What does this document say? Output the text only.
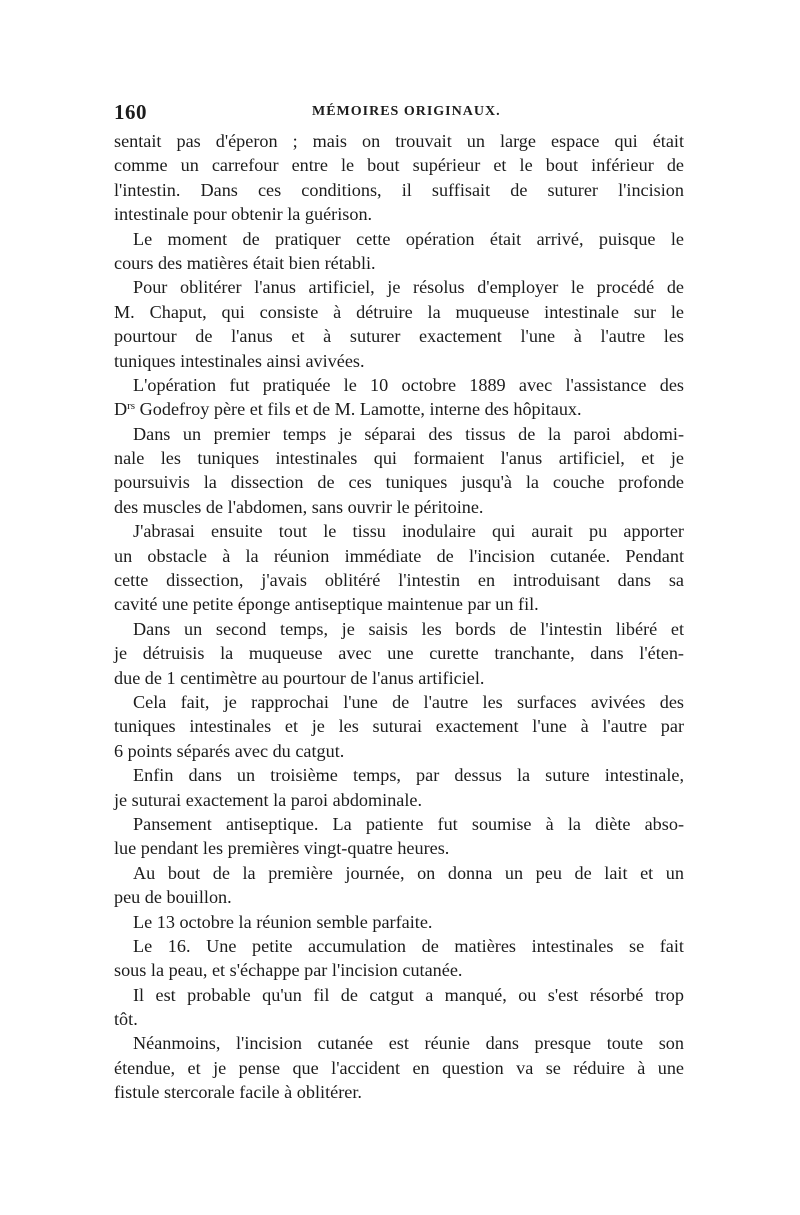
160	MÉMOIRES ORIGINAUX.
sentait pas d'éperon ; mais on trouvait un large espace qui était
comme un carrefour entre le bout supérieur et le bout inférieur de
l'intestin. Dans ces conditions, il suffisait de suturer l'incision
intestinale pour obtenir la guérison.
Le moment de pratiquer cette opération était arrivé, puisque le
cours des matières était bien rétabli.
Pour oblitérer l'anus artificiel, je résolus d'employer le procédé de
M. Chaput, qui consiste à détruire la muqueuse intestinale sur le
pourtour de l'anus et à suturer exactement l'une à l'autre les
tuniques intestinales ainsi avivées.
L'opération fut pratiquée le 10 octobre 1889 avec l'assistance des
$D^{rs}$ Godefroy père et fils et de M. Lamotte, interne des hôpitaux.
Dans un premier temps je séparai des tissus de la paroi abdomi-
nale les tuniques intestinales qui formaient l'anus artificiel, et je
poursuivis la dissection de ces tuniques jusqu'à la couche profonde
des muscles de l'abdomen, sans ouvrir le péritoine.
J'abrasai ensuite tout le tissu inodulaire qui aurait pu apporter
un obstacle à la réunion immédiate de l'incision cutanée. Pendant
cette dissection, j'avais oblitéré l'intestin en introduisant dans sa
cavité une petite éponge antiseptique maintenue par un fil.
Dans un second temps, je saisis les bords de l'intestin libéré et
je détruisis la muqueuse avec une curette tranchante, dans l'éten-
due de 1 centimètre au pourtour de l'anus artificiel.
Cela fait, je rapprochai l'une de l'autre les surfaces avivées des
tuniques intestinales et je les suturai exactement l'une à l'autre par
6 points séparés avec du catgut.
Enfin dans un troisième temps, par dessus la suture intestinale,
je suturai exactement la paroi abdominale.
Pansement antiseptique. La patiente fut soumise à la diète abso-
lue pendant les premières vingt-quatre heures.
Au bout de la première journée, on donna un peu de lait et un
peu de bouillon.
Le 13 octobre la réunion semble parfaite.
Le 16. Une petite accumulation de matières intestinales se fait
sous la peau, et s'échappe par l'incision cutanée.
Il est probable qu'un fil de catgut a manqué, ou s'est résorbé trop
tôt.
Néanmoins, l'incision cutanée est réunie dans presque toute son
étendue, et je pense que l'accident en question va se réduire à une
fistule stercorale facile à oblitérer.
